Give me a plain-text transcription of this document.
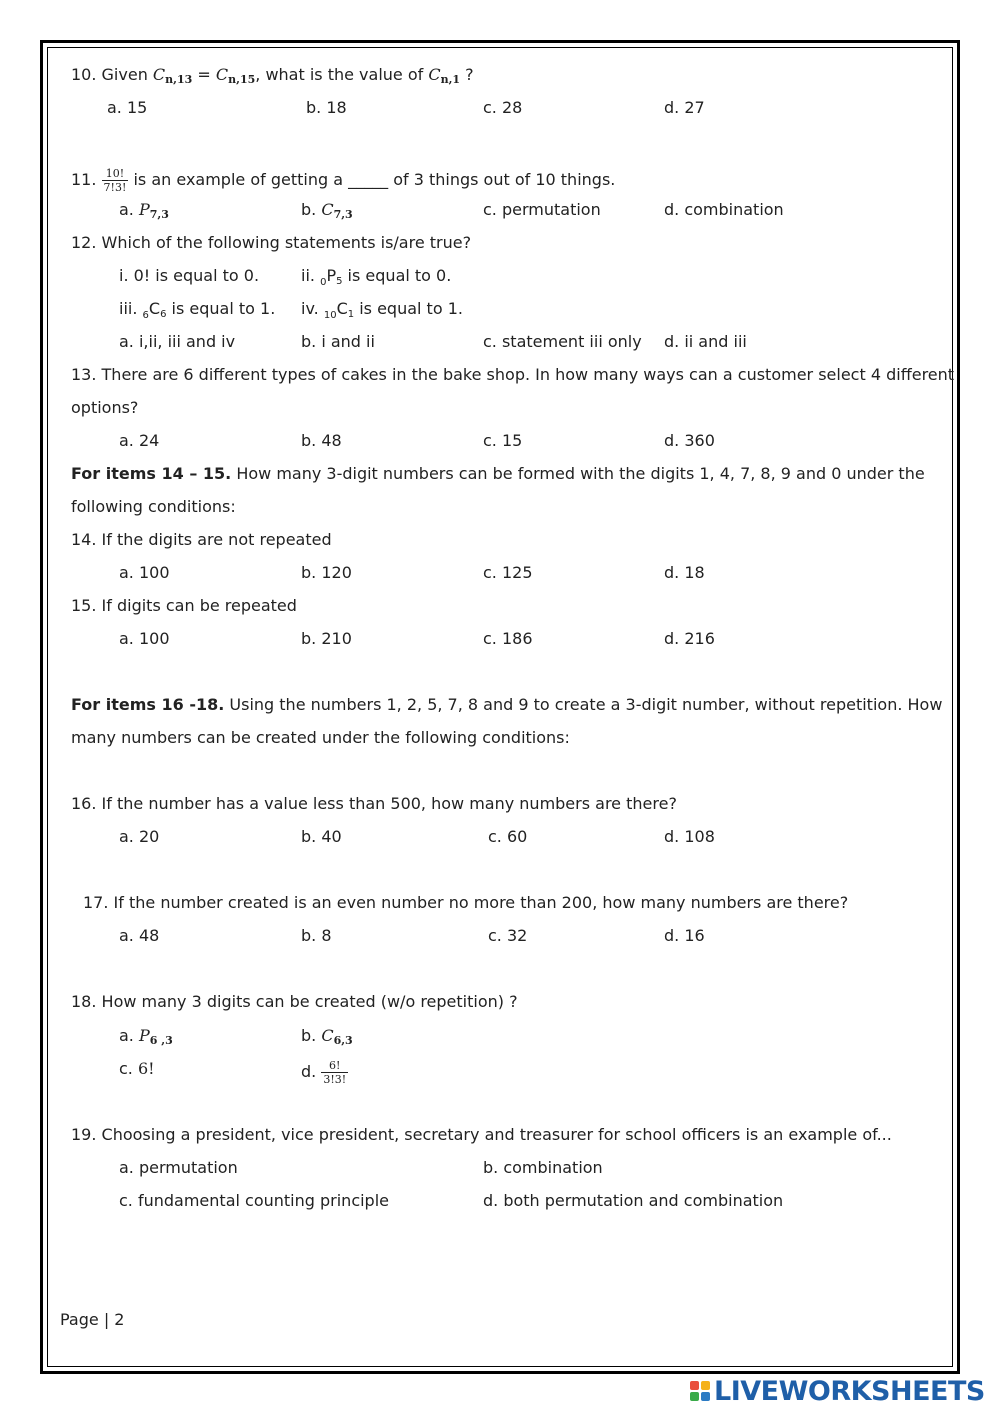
10. Given $C_{n,13} = C_{n,15}$, what is the value of $C_{n,1}$ ?
a. 15	b. 18	c. 28	d. 27
11. $\frac{10!}{7!3!}$ is an example of getting a _____ of 3 things out of 10 things.
a. $P_{7,3}$	b. $C_{7,3}$	c. permutation	d. combination
12. Which of the following statements is/are true?
i. 0! is equal to 0.	ii. $_0P_5$ is equal to 0.
iii. $_6C_6$ is equal to 1. iv. $_{10}C_1$ is equal to 1.
a. i,ii, iii and iv	b. i and ii	c. statement iii only d. ii and iii
13. There are 6 different types of cakes in the bake shop. In how many ways can a customer select 4 different
options?
a. 24	b. 48	c. 15	d. 360
For items 14 – 15. How many 3-digit numbers can be formed with the digits 1, 4, 7, 8, 9 and 0 under the
following conditions:
14. If the digits are not repeated
a. 100	b. 120	c. 125	d. 18
15. If digits can be repeated
a. 100	b. 210	c. 186	d. 216
For items 16 -18. Using the numbers 1, 2, 5, 7, 8 and 9 to create a 3-digit number, without repetition. How
many numbers can be created under the following conditions:
16. If the number has a value less than 500, how many numbers are there?
a. 20	b. 40	c. 60	d. 108
17. If the number created is an even number no more than 200, how many numbers are there?
a. 48	b. 8	c. 32	d. 16
18. How many 3 digits can be created (w/o repetition) ?
a. $P_{6 ,3}$	b. $C_{6,3}$
c. 6!	d. $\frac{6!}{3!3!}$
19. Choosing a president, vice president, secretary and treasurer for school officers is an example of...
a. permutation	b. combination
c. fundamental counting principle	d. both permutation and combination
Page | 2
LIVEWORKSHEETS
